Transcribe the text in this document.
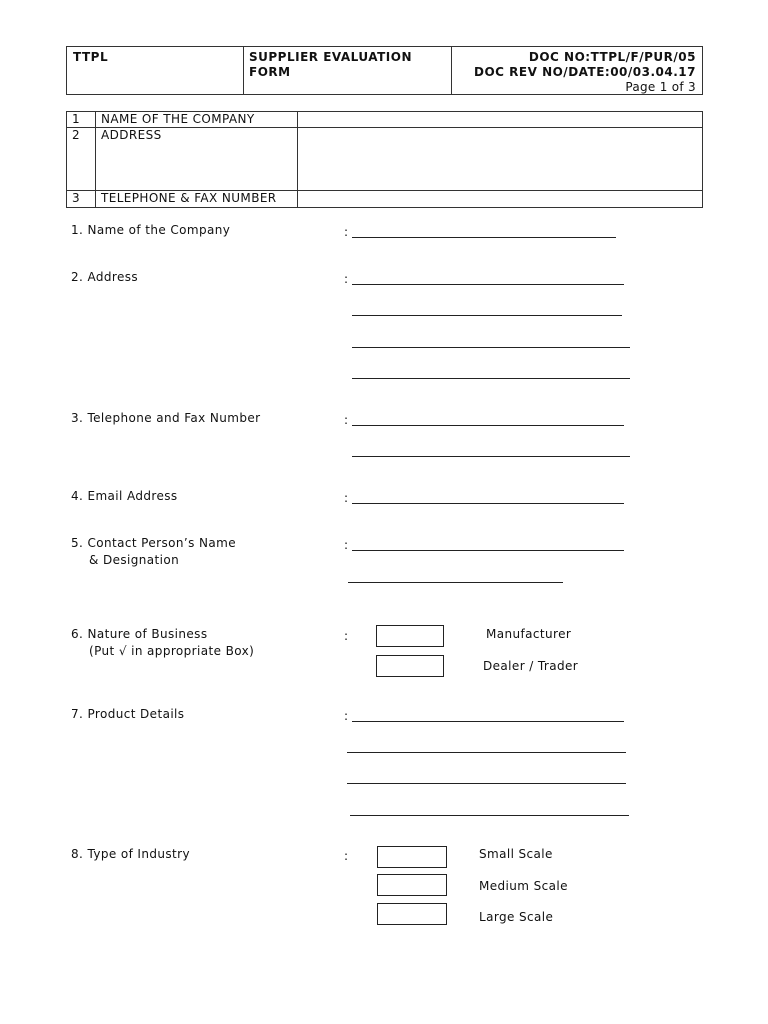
TTPL	SUPPLIER EVALUATION
FORM
DOC NO:TTPL/F/PUR/05
DOC REV NO/DATE:00/03.04.17
Page 1 of 3
1	NAME OF THE COMPANY
2	ADDRESS
3	TELEPHONE & FAX NUMBER
1. Name of the Company	:
2. Address	:
3. Telephone and Fax Number	:
4. Email Address	:
5. Contact Person’s Name
& Designation
:
6. Nature of Business
(Put √ in appropriate Box)
:	Manufacturer
Dealer / Trader
7. Product Details	:
8. Type of Industry	:	Small Scale
Medium Scale
Large Scale
